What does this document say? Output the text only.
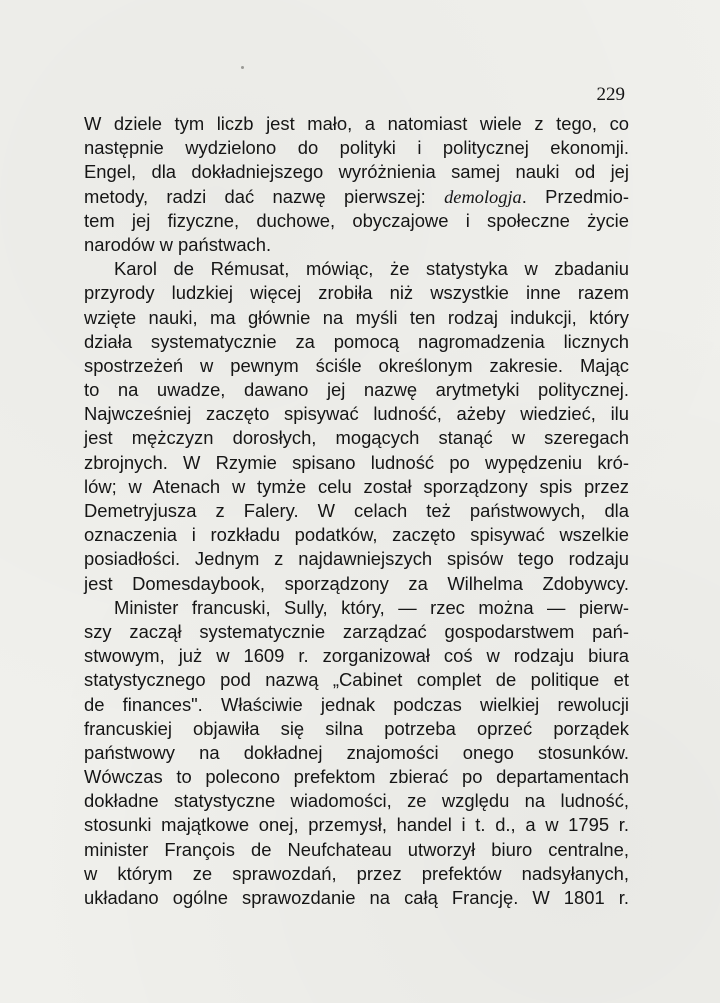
229
W dziele tym liczb jest mało, a natomiast wiele z tego, co
następnie wydzielono do polityki i politycznej ekonomji.
Engel, dla dokładniejszego wyróżnienia samej nauki od jej
metody, radzi dać nazwę pierwszej: demologja. Przedmio-
tem jej fizyczne, duchowe, obyczajowe i społeczne życie
narodów w państwach.
Karol de Rémusat, mówiąc, że statystyka w zbadaniu
przyrody ludzkiej więcej zrobiła niż wszystkie inne razem
wzięte nauki, ma głównie na myśli ten rodzaj indukcji, który
działa systematycznie za pomocą nagromadzenia licznych
spostrzeżeń w pewnym ściśle określonym zakresie. Mając
to na uwadze, dawano jej nazwę arytmetyki politycznej.
Najwcześniej zaczęto spisywać ludność, ażeby wiedzieć, ilu
jest mężczyzn dorosłych, mogących stanąć w szeregach
zbrojnych. W Rzymie spisano ludność po wypędzeniu kró-
lów; w Atenach w tymże celu został sporządzony spis przez
Demetryjusza z Falery. W celach też państwowych, dla
oznaczenia i rozkładu podatków, zaczęto spisywać wszelkie
posiadłości. Jednym z najdawniejszych spisów tego rodzaju
jest Domesdaybook, sporządzony za Wilhelma Zdobywcy.
Minister francuski, Sully, który, — rzec można — pierw-
szy zaczął systematycznie zarządzać gospodarstwem pań-
stwowym, już w 1609 r. zorganizował coś w rodzaju biura
statystycznego pod nazwą „Cabinet complet de politique et
de finances". Właściwie jednak podczas wielkiej rewolucji
francuskiej objawiła się silna potrzeba oprzeć porządek
państwowy na dokładnej znajomości onego stosunków.
Wówczas to polecono prefektom zbierać po departamentach
dokładne statystyczne wiadomości, ze względu na ludność,
stosunki majątkowe onej, przemysł, handel i t. d., a w 1795 r.
minister François de Neufchateau utworzył biuro centralne,
w którym ze sprawozdań, przez prefektów nadsyłanych,
układano ogólne sprawozdanie na całą Francję. W 1801 r.
